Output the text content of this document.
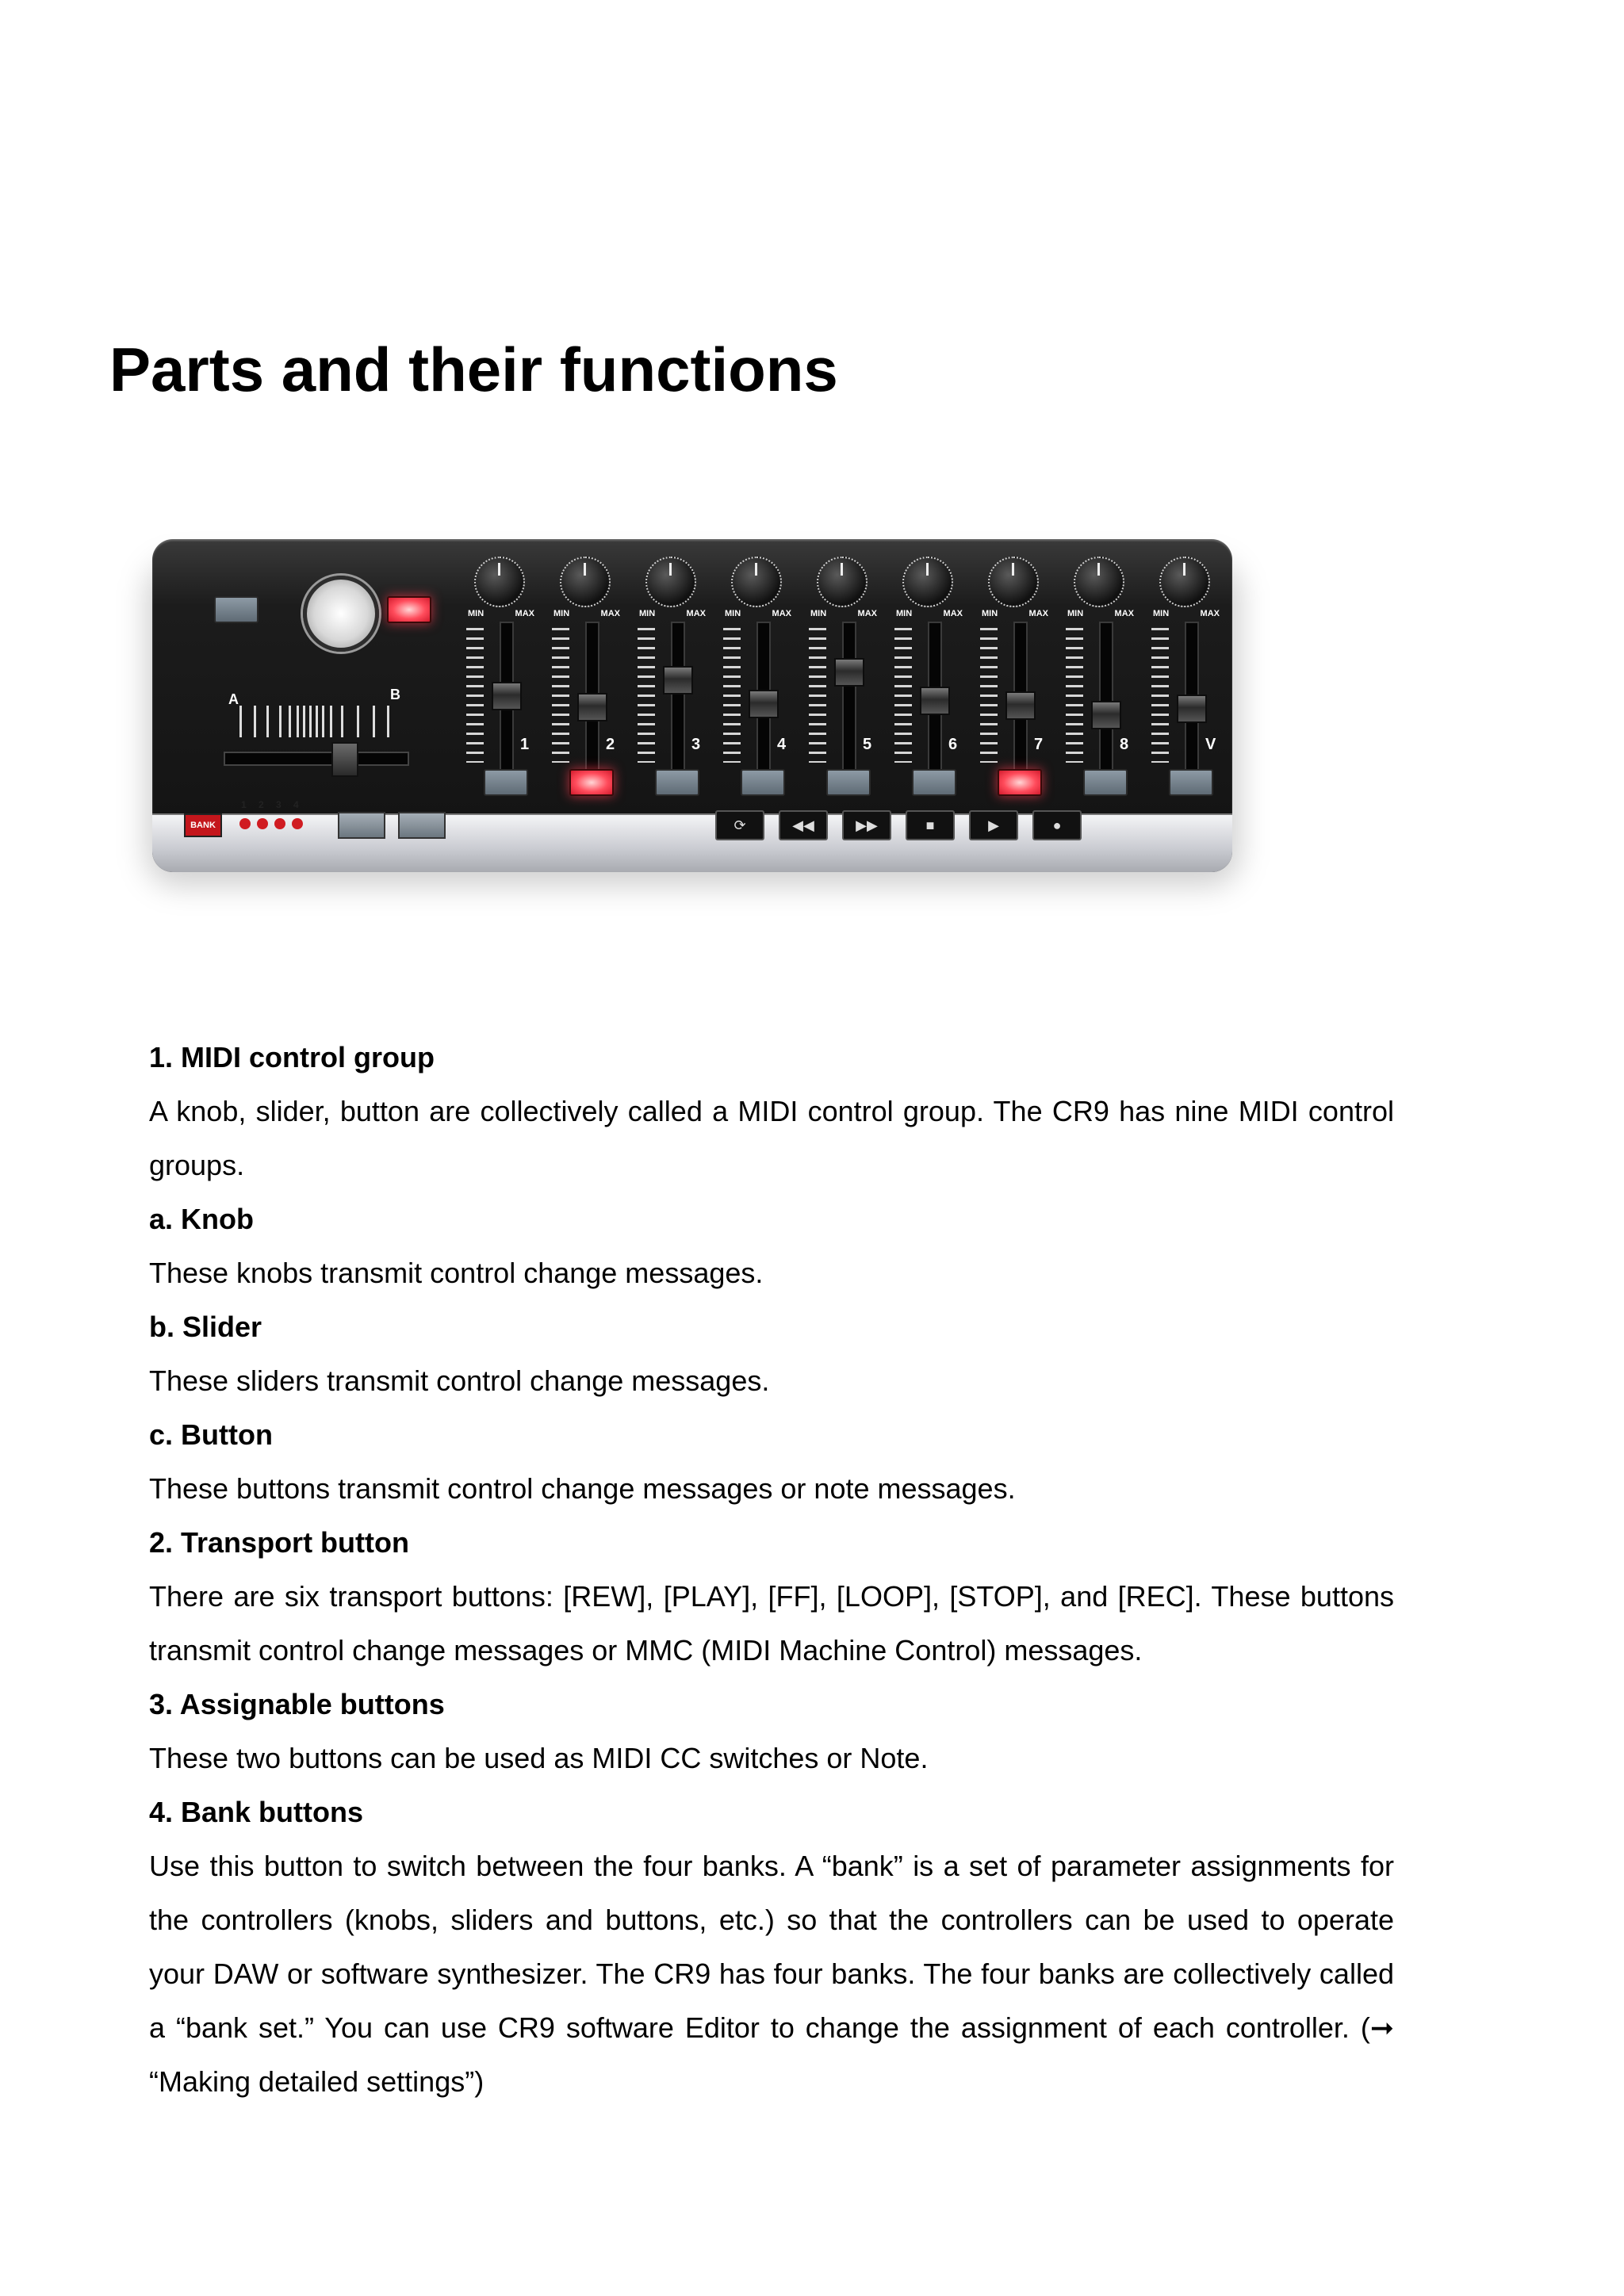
Parts and their functions
A	B
MIN	MAX
1
MIN	MAX
2
MIN	MAX
3
MIN	MAX
4
MIN	MAX
5
MIN	MAX
6
MIN	MAX
7
MIN	MAX
8
MIN	MAX
V
BANK
1 2 3 4
⟳	◀◀	▶▶	■	▶	●

1. MIDI control group

A knob, slider, button are collectively called a MIDI control group. The CR9 has nine MIDI control

groups.

a. Knob

These knobs transmit control change messages.

b. Slider

These sliders transmit control change messages.

c. Button

These buttons transmit control change messages or note messages.

2. Transport button

There are six transport buttons: [REW], [PLAY], [FF], [LOOP], [STOP], and [REC]. These buttons

transmit control change messages or MMC (MIDI Machine Control) messages.

3. Assignable buttons

These two buttons can be used as MIDI CC switches or Note.

4. Bank buttons

Use this button to switch between the four banks. A “bank” is a set of parameter assignments for

the controllers (knobs, sliders and buttons, etc.) so that the controllers can be used to operate

your DAW or software synthesizer. The CR9 has four banks. The four banks are collectively called

a “bank set.” You can use CR9 software Editor to change the assignment of each controller. (➞

“Making detailed settings”)
